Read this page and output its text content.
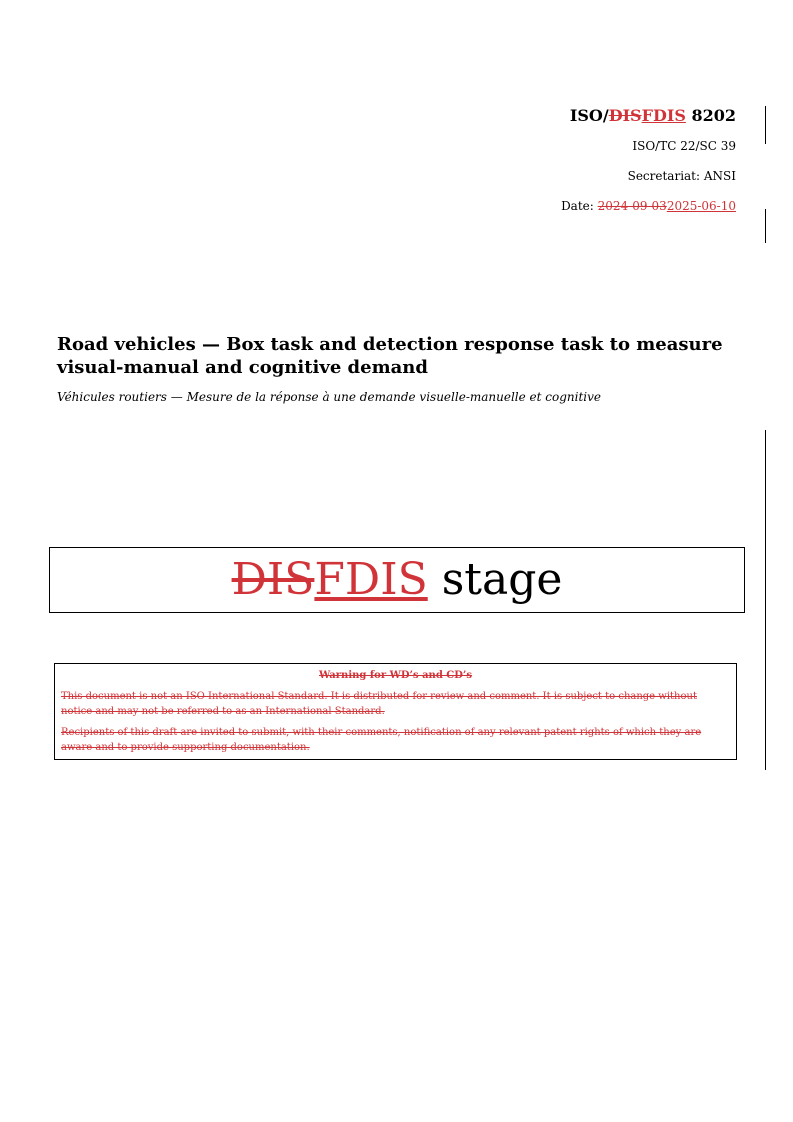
ISO/DISFDIS 8202
ISO/TC 22/SC 39
Secretariat: ANSI
Date: 2024-09-032025-06-10
Road vehicles — Box task and detection response task to measure visual-manual and cognitive demand
Véhicules routiers — Mesure de la réponse à une demande visuelle-manuelle et cognitive
DISFDIS stage
Warning for WD’s and CD’s

This document is not an ISO International Standard. It is distributed for review and comment. It is subject to change without notice and may not be referred to as an International Standard.

Recipients of this draft are invited to submit, with their comments, notification of any relevant patent rights of which they are aware and to provide supporting documentation.
